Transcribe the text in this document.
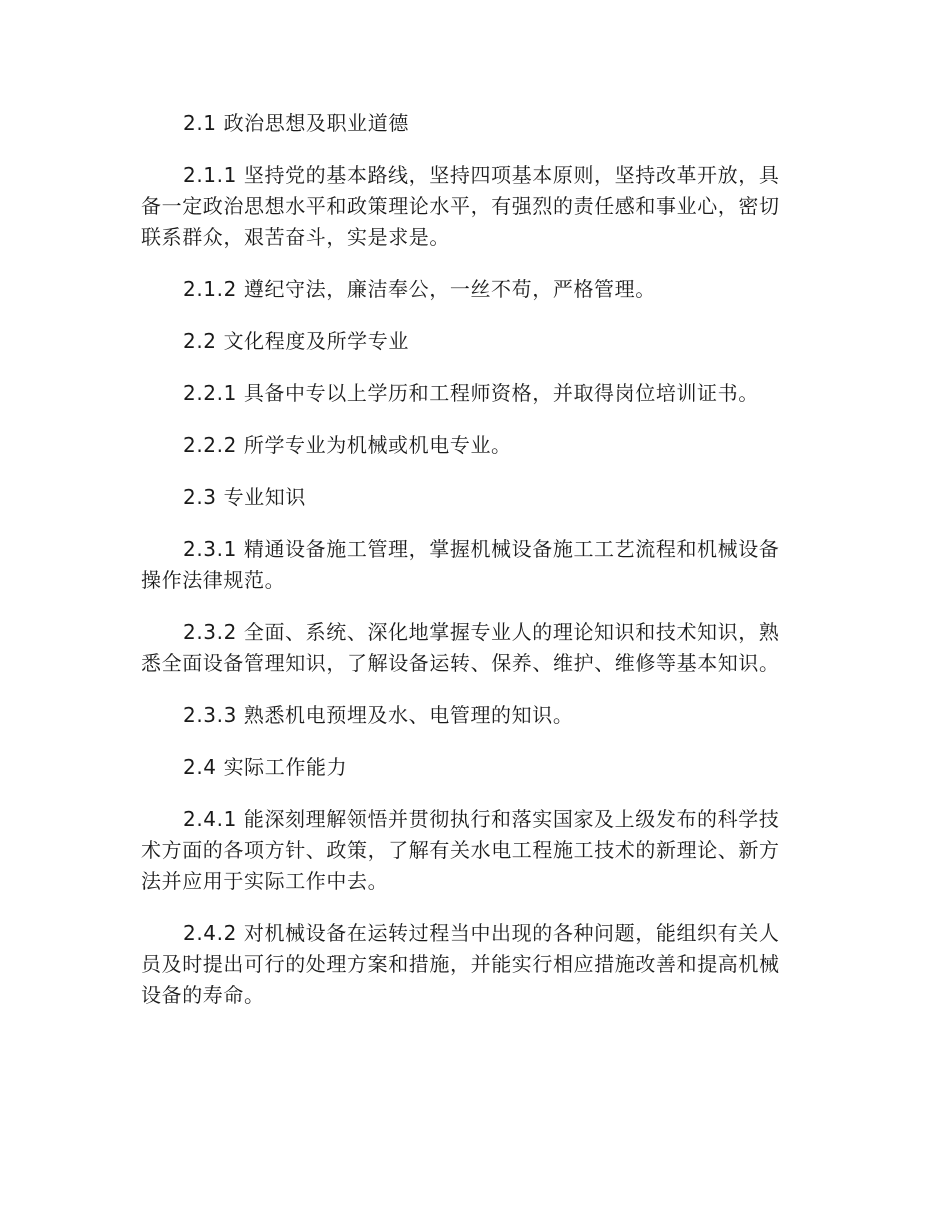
2.1 政治思想及职业道德

2.1.1 坚持党的基本路线，坚持四项基本原则，坚持改革开放，具备一定政治思想水平和政策理论水平，有强烈的责任感和事业心，密切联系群众，艰苦奋斗，实是求是。

2.1.2 遵纪守法，廉洁奉公，一丝不苟，严格管理。

2.2 文化程度及所学专业

2.2.1 具备中专以上学历和工程师资格，并取得岗位培训证书。

2.2.2 所学专业为机械或机电专业。

2.3 专业知识

2.3.1 精通设备施工管理，掌握机械设备施工工艺流程和机械设备操作法律规范。

2.3.2 全面、系统、深化地掌握专业人的理论知识和技术知识，熟悉全面设备管理知识，了解设备运转、保养、维护、维修等基本知识。

2.3.3 熟悉机电预埋及水、电管理的知识。

2.4 实际工作能力

2.4.1 能深刻理解领悟并贯彻执行和落实国家及上级发布的科学技术方面的各项方针、政策，了解有关水电工程施工技术的新理论、新方法并应用于实际工作中去。

2.4.2 对机械设备在运转过程当中出现的各种问题，能组织有关人员及时提出可行的处理方案和措施，并能实行相应措施改善和提高机械设备的寿命。
